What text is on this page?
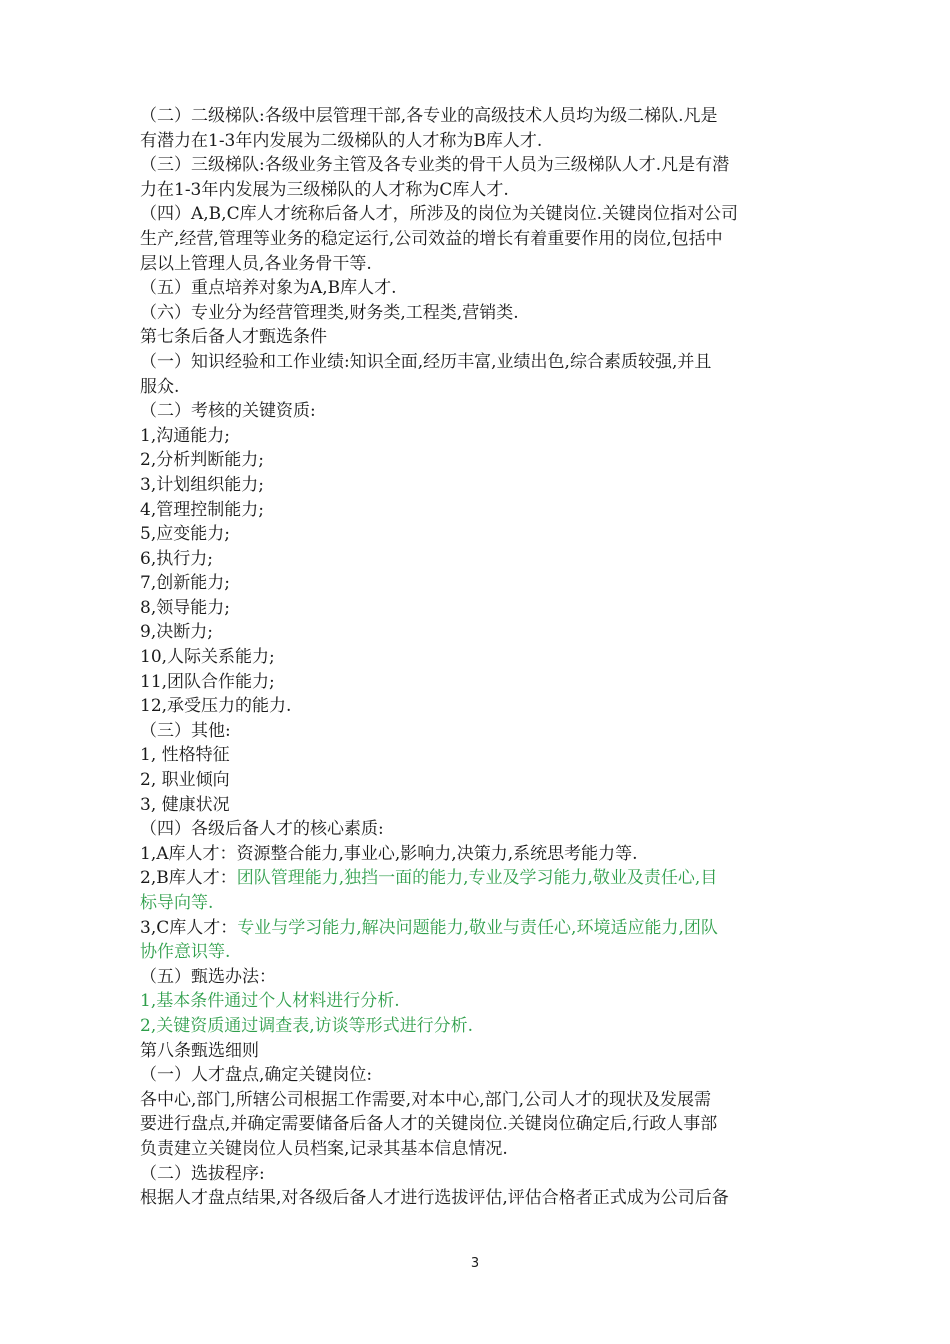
（二）二级梯队:各级中层管理干部,各专业的高级技术人员均为级二梯队.凡是
有潜力在1-3年内发展为二级梯队的人才称为B库人才.
（三）三级梯队:各级业务主管及各专业类的骨干人员为三级梯队人才.凡是有潜
力在1-3年内发展为三级梯队的人才称为C库人才.
（四）A,B,C库人才统称后备人才，所涉及的岗位为关键岗位.关键岗位指对公司
生产,经营,管理等业务的稳定运行,公司效益的增长有着重要作用的岗位,包括中
层以上管理人员,各业务骨干等.
（五）重点培养对象为A,B库人才.
（六）专业分为经营管理类,财务类,工程类,营销类.
第七条后备人才甄选条件
（一）知识经验和工作业绩:知识全面,经历丰富,业绩出色,综合素质较强,并且
服众.
（二）考核的关键资质:
1,沟通能力;
2,分析判断能力;
3,计划组织能力;
4,管理控制能力;
5,应变能力;
6,执行力;
7,创新能力;
8,领导能力;
9,决断力;
10,人际关系能力;
11,团队合作能力;
12,承受压力的能力.
（三）其他:
1, 性格特征
2, 职业倾向
3, 健康状况
（四）各级后备人才的核心素质:
1,A库人才：资源整合能力,事业心,影响力,决策力,系统思考能力等.
2,B库人才：团队管理能力,独挡一面的能力,专业及学习能力,敬业及责任心,目
标导向等.
3,C库人才：专业与学习能力,解决问题能力,敬业与责任心,环境适应能力,团队
协作意识等.
（五）甄选办法：
1,基本条件通过个人材料进行分析.
2,关键资质通过调查表,访谈等形式进行分析.
第八条甄选细则
（一）人才盘点,确定关键岗位:
各中心,部门,所辖公司根据工作需要,对本中心,部门,公司人才的现状及发展需
要进行盘点,并确定需要储备后备人才的关键岗位.关键岗位确定后,行政人事部
负责建立关键岗位人员档案,记录其基本信息情况.
（二）选拔程序:
根据人才盘点结果,对各级后备人才进行选拔评估,评估合格者正式成为公司后备
3
